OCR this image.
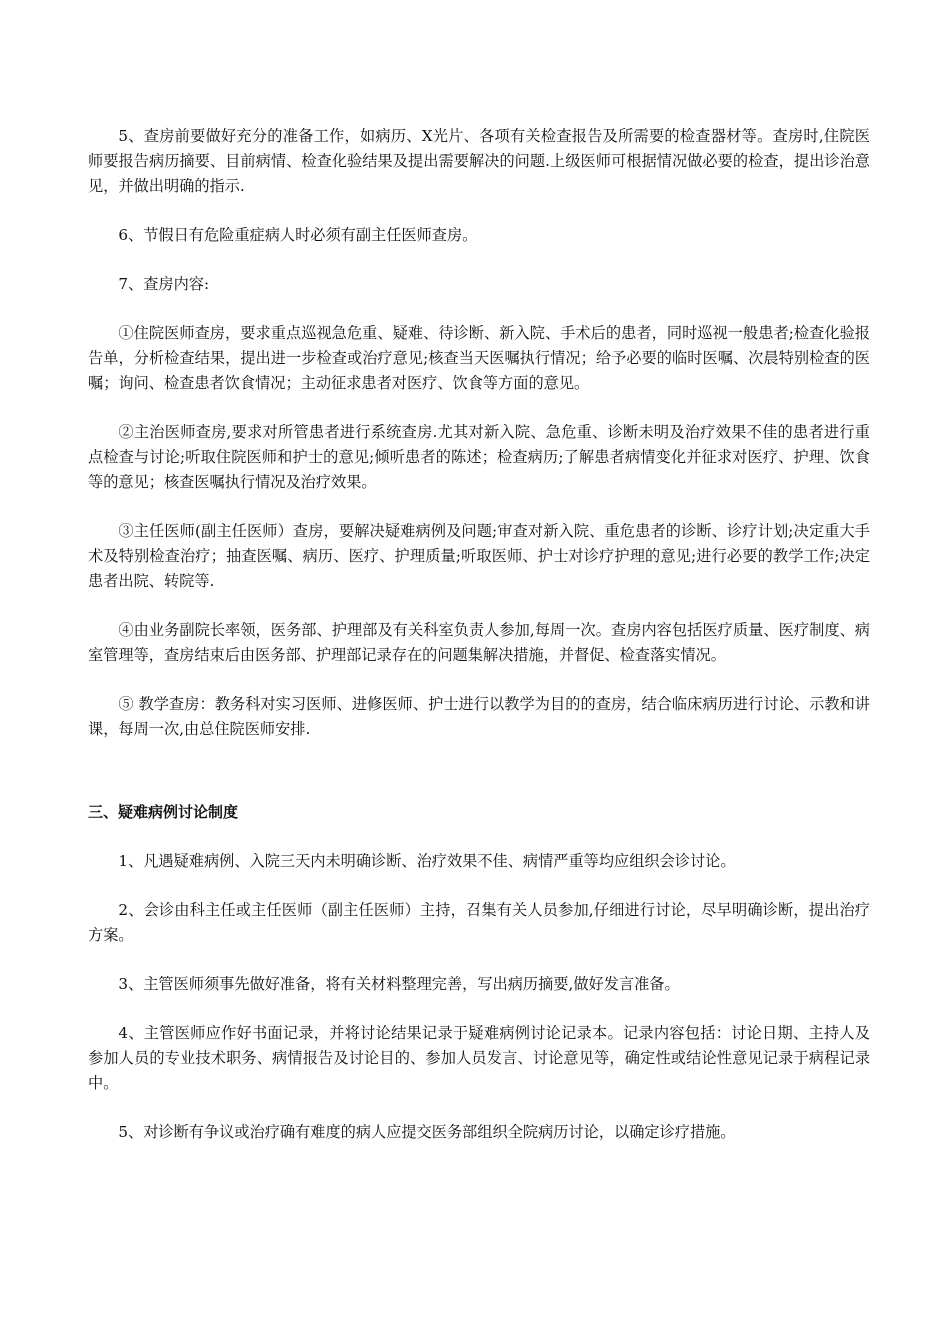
5、查房前要做好充分的准备工作，如病历、X光片、各项有关检查报告及所需要的检查器材等。查房时,住院医师要报告病历摘要、目前病情、检查化验结果及提出需要解决的问题.上级医师可根据情况做必要的检查，提出诊治意见，并做出明确的指示.

6、节假日有危险重症病人时必须有副主任医师查房。

7、查房内容:

①住院医师查房，要求重点巡视急危重、疑难、待诊断、新入院、手术后的患者，同时巡视一般患者;检查化验报告单，分析检查结果，提出进一步检查或治疗意见;核查当天医嘱执行情况；给予必要的临时医嘱、次晨特别检查的医嘱；询问、检查患者饮食情况；主动征求患者对医疗、饮食等方面的意见。

②主治医师查房,要求对所管患者进行系统查房.尤其对新入院、急危重、诊断未明及治疗效果不佳的患者进行重点检查与讨论;听取住院医师和护士的意见;倾听患者的陈述；检查病历;了解患者病情变化并征求对医疗、护理、饮食等的意见；核查医嘱执行情况及治疗效果。

③主任医师(副主任医师）查房，要解决疑难病例及问题;审查对新入院、重危患者的诊断、诊疗计划;决定重大手术及特别检查治疗；抽查医嘱、病历、医疗、护理质量;听取医师、护士对诊疗护理的意见;进行必要的教学工作;决定患者出院、转院等.

④由业务副院长率领，医务部、护理部及有关科室负责人参加,每周一次。查房内容包括医疗质量、医疗制度、病室管理等，查房结束后由医务部、护理部记录存在的问题集解决措施，并督促、检查落实情况。

⑤ 教学查房：教务科对实习医师、进修医师、护士进行以教学为目的的查房，结合临床病历进行讨论、示教和讲课，每周一次,由总住院医师安排.

三、疑难病例讨论制度

1、凡遇疑难病例、入院三天内未明确诊断、治疗效果不佳、病情严重等均应组织会诊讨论。

2、会诊由科主任或主任医师（副主任医师）主持，召集有关人员参加,仔细进行讨论，尽早明确诊断，提出治疗方案。

3、主管医师须事先做好准备，将有关材料整理完善，写出病历摘要,做好发言准备。

4、主管医师应作好书面记录，并将讨论结果记录于疑难病例讨论记录本。记录内容包括：讨论日期、主持人及参加人员的专业技术职务、病情报告及讨论目的、参加人员发言、讨论意见等，确定性或结论性意见记录于病程记录中。

5、对诊断有争议或治疗确有难度的病人应提交医务部组织全院病历讨论，以确定诊疗措施。
